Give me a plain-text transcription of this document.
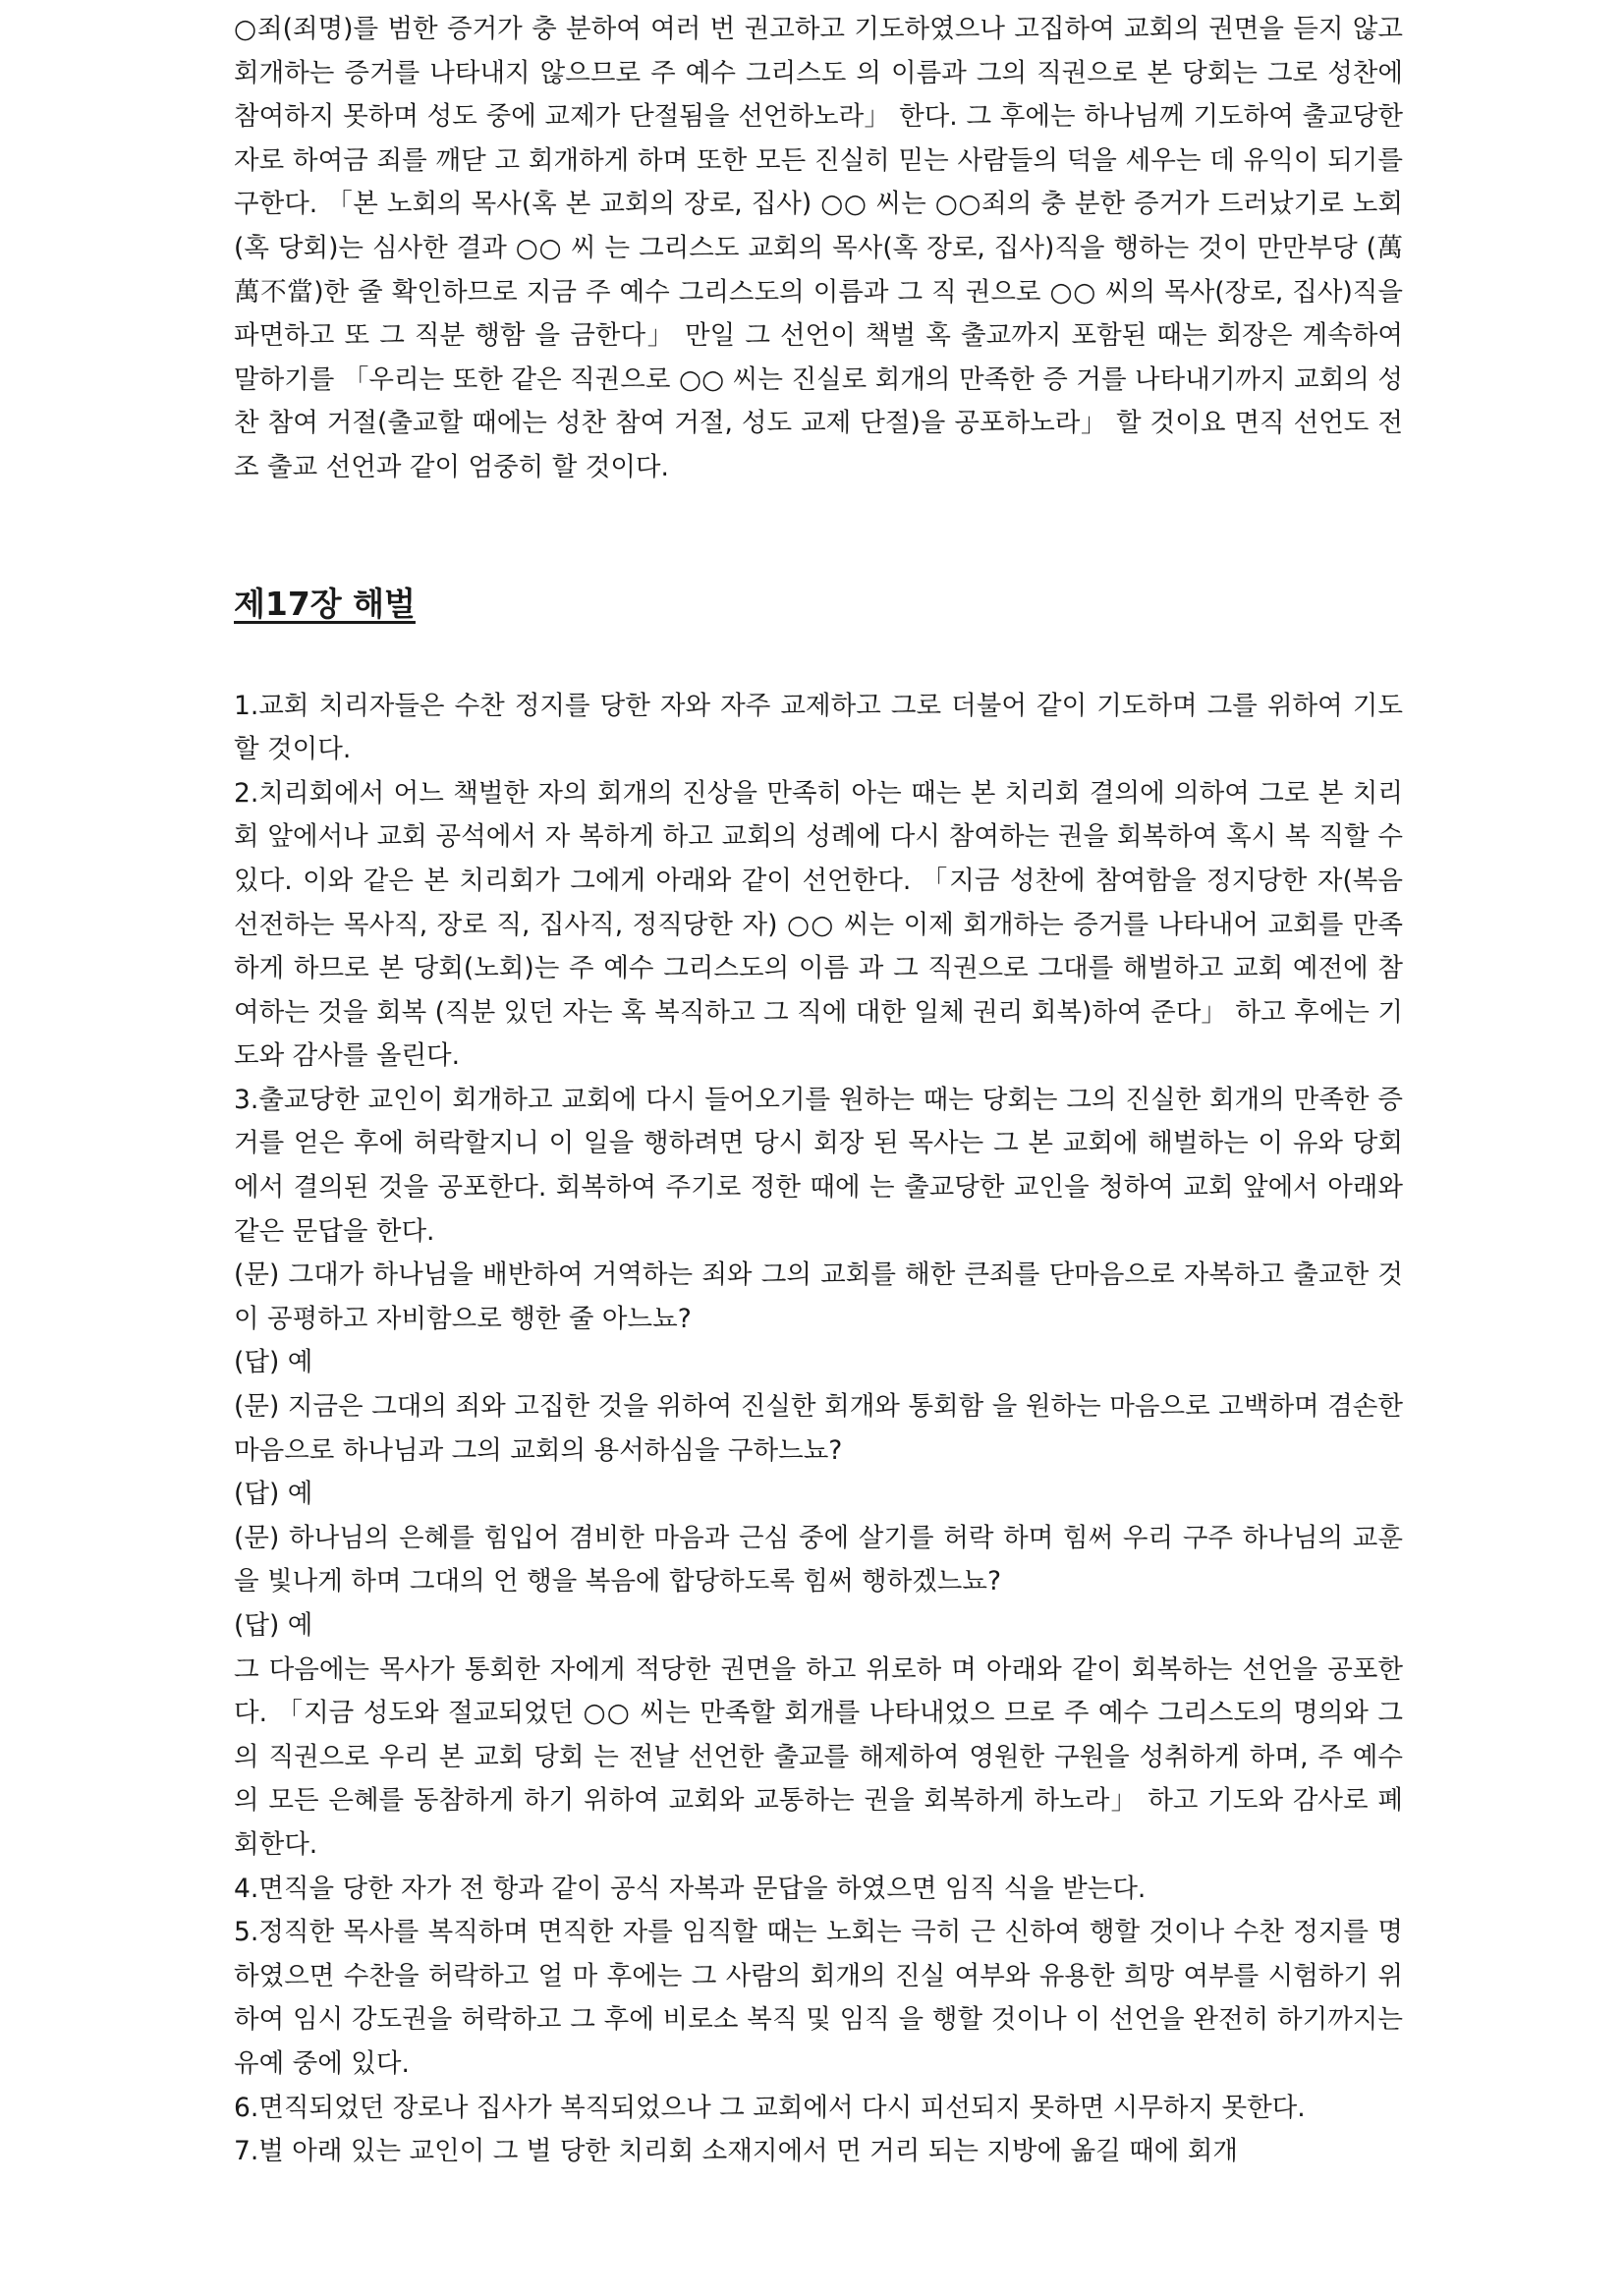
○죄(죄명)를 범한 증거가 충 분하여 여러 번 권고하고 기도하였으나 고집하여 교회의 권면을 듣지 않고 회개하는 증거를 나타내지 않으므로 주 예수 그리스도 의 이름과 그의 직권으로 본 당회는 그로 성찬에 참여하지 못하며 성도 중에 교제가 단절됨을 선언하노라」 한다. 그 후에는 하나님께 기도하여 출교당한 자로 하여금 죄를 깨닫 고 회개하게 하며 또한 모든 진실히 믿는 사람들의 덕을 세우는 데 유익이 되기를 구한다. 「본 노회의 목사(혹 본 교회의 장로, 집사) ○○ 씨는 ○○죄의 충 분한 증거가 드러났기로 노회(혹 당회)는 심사한 결과 ○○ 씨 는 그리스도 교회의 목사(혹 장로, 집사)직을 행하는 것이 만만부당 (萬萬不當)한 줄 확인하므로 지금 주 예수 그리스도의 이름과 그 직 권으로 ○○ 씨의 목사(장로, 집사)직을 파면하고 또 그 직분 행함 을 금한다」 만일 그 선언이 책벌 혹 출교까지 포함된 때는 회장은 계속하여 말하기를 「우리는 또한 같은 직권으로 ○○ 씨는 진실로 회개의 만족한 증 거를 나타내기까지 교회의 성찬 참여 거절(출교할 때에는 성찬 참여 거절, 성도 교제 단절)을 공포하노라」 할 것이요 면직 선언도 전조 출교 선언과 같이 엄중히 할 것이다.

제17장 해벌

1.교회 치리자들은 수찬 정지를 당한 자와 자주 교제하고 그로 더불어 같이 기도하며 그를 위하여 기도할 것이다.

2.치리회에서 어느 책벌한 자의 회개의 진상을 만족히 아는 때는 본 치리회 결의에 의하여 그로 본 치리회 앞에서나 교회 공석에서 자 복하게 하고 교회의 성례에 다시 참여하는 권을 회복하여 혹시 복 직할 수 있다. 이와 같은 본 치리회가 그에게 아래와 같이 선언한다. 「지금 성찬에 참여함을 정지당한 자(복음 선전하는 목사직, 장로 직, 집사직, 정직당한 자) ○○ 씨는 이제 회개하는 증거를 나타내어 교회를 만족하게 하므로 본 당회(노회)는 주 예수 그리스도의 이름 과 그 직권으로 그대를 해벌하고 교회 예전에 참여하는 것을 회복 (직분 있던 자는 혹 복직하고 그 직에 대한 일체 권리 회복)하여 준다」 하고 후에는 기도와 감사를 올린다.

3.출교당한 교인이 회개하고 교회에 다시 들어오기를 원하는 때는 당회는 그의 진실한 회개의 만족한 증거를 얻은 후에 허락할지니 이 일을 행하려면 당시 회장 된 목사는 그 본 교회에 해벌하는 이 유와 당회에서 결의된 것을 공포한다. 회복하여 주기로 정한 때에 는 출교당한 교인을 청하여 교회 앞에서 아래와 같은 문답을 한다.

(문) 그대가 하나님을 배반하여 거역하는 죄와 그의 교회를 해한 큰죄를 단마음으로 자복하고 출교한 것이 공평하고 자비함으로 행한 줄 아느뇨?

(답) 예

(문) 지금은 그대의 죄와 고집한 것을 위하여 진실한 회개와 통회함 을 원하는 마음으로 고백하며 겸손한 마음으로 하나님과 그의 교회의 용서하심을 구하느뇨?

(답) 예

(문) 하나님의 은혜를 힘입어 겸비한 마음과 근심 중에 살기를 허락 하며 힘써 우리 구주 하나님의 교훈을 빛나게 하며 그대의 언 행을 복음에 합당하도록 힘써 행하겠느뇨?

(답) 예

그 다음에는 목사가 통회한 자에게 적당한 권면을 하고 위로하 며 아래와 같이 회복하는 선언을 공포한다. 「지금 성도와 절교되었던 ○○ 씨는 만족할 회개를 나타내었으 므로 주 예수 그리스도의 명의와 그의 직권으로 우리 본 교회 당회 는 전날 선언한 출교를 해제하여 영원한 구원을 성취하게 하며, 주 예수의 모든 은혜를 동참하게 하기 위하여 교회와 교통하는 권을 회복하게 하노라」 하고 기도와 감사로 폐회한다.

4.면직을 당한 자가 전 항과 같이 공식 자복과 문답을 하였으면 임직 식을 받는다.

5.정직한 목사를 복직하며 면직한 자를 임직할 때는 노회는 극히 근 신하여 행할 것이나 수찬 정지를 명하였으면 수찬을 허락하고 얼 마 후에는 그 사람의 회개의 진실 여부와 유용한 희망 여부를 시험하기 위하여 임시 강도권을 허락하고 그 후에 비로소 복직 및 임직 을 행할 것이나 이 선언을 완전히 하기까지는 유예 중에 있다.

6.면직되었던 장로나 집사가 복직되었으나 그 교회에서 다시 피선되지 못하면 시무하지 못한다.

7.벌 아래 있는 교인이 그 벌 당한 치리회 소재지에서 먼 거리 되는 지방에 옮길 때에 회개
